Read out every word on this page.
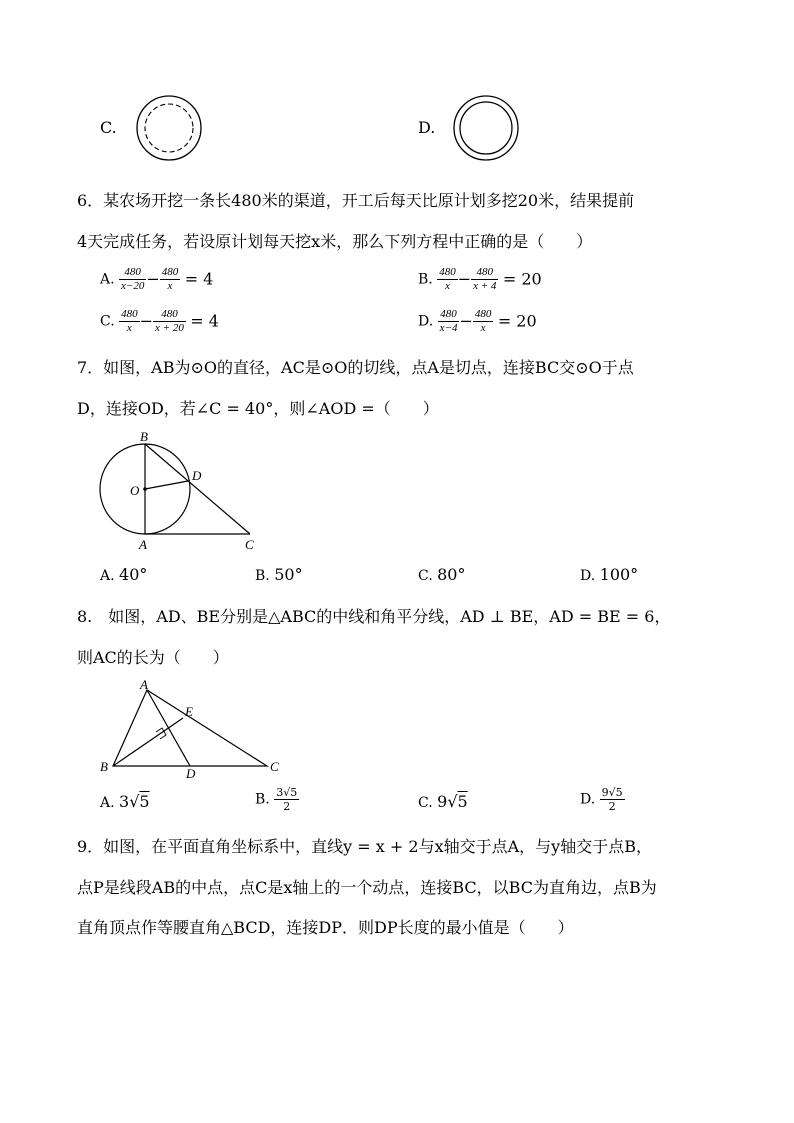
C.	D.
6．某农场开挖一条长480米的渠道，开工后每天比原计划多挖20米，结果提前
4天完成任务，若设原计划每天挖x米，那么下列方程中正确的是（　　）
A. $\frac{480}{x-20} - \frac{480}{x} = 4$	B. $\frac{480}{x} - \frac{480}{x + 4} = 20$
C. $\frac{480}{x} - \frac{480}{x + 20} = 4$	D. $\frac{480}{x-4} - \frac{480}{x} = 20$
7．如图，AB为⊙O的直径，AC是⊙O的切线，点A是切点，连接BC交⊙O于点
D，连接OD，若∠C = 40°，则∠AOD =（　　）
B
O
D
A	C
A. 40°	B. 50°	C. 80°	D. 100°
8.　如图，AD、BE分别是△ABC的中线和角平分线，AD ⊥ BE，AD = BE = 6，
则AC的长为（　　）
A
E
B	D	C
A. 3√5	B. $\frac{3√5}{2}$	C. 9√5	D. $\frac{9√5}{2}$
9．如图，在平面直角坐标系中，直线y = x + 2与x轴交于点A，与y轴交于点B，
点P是线段AB的中点，点C是x轴上的一个动点，连接BC，以BC为直角边，点B为
直角顶点作等腰直角△BCD，连接DP．则DP长度的最小值是（　　）
